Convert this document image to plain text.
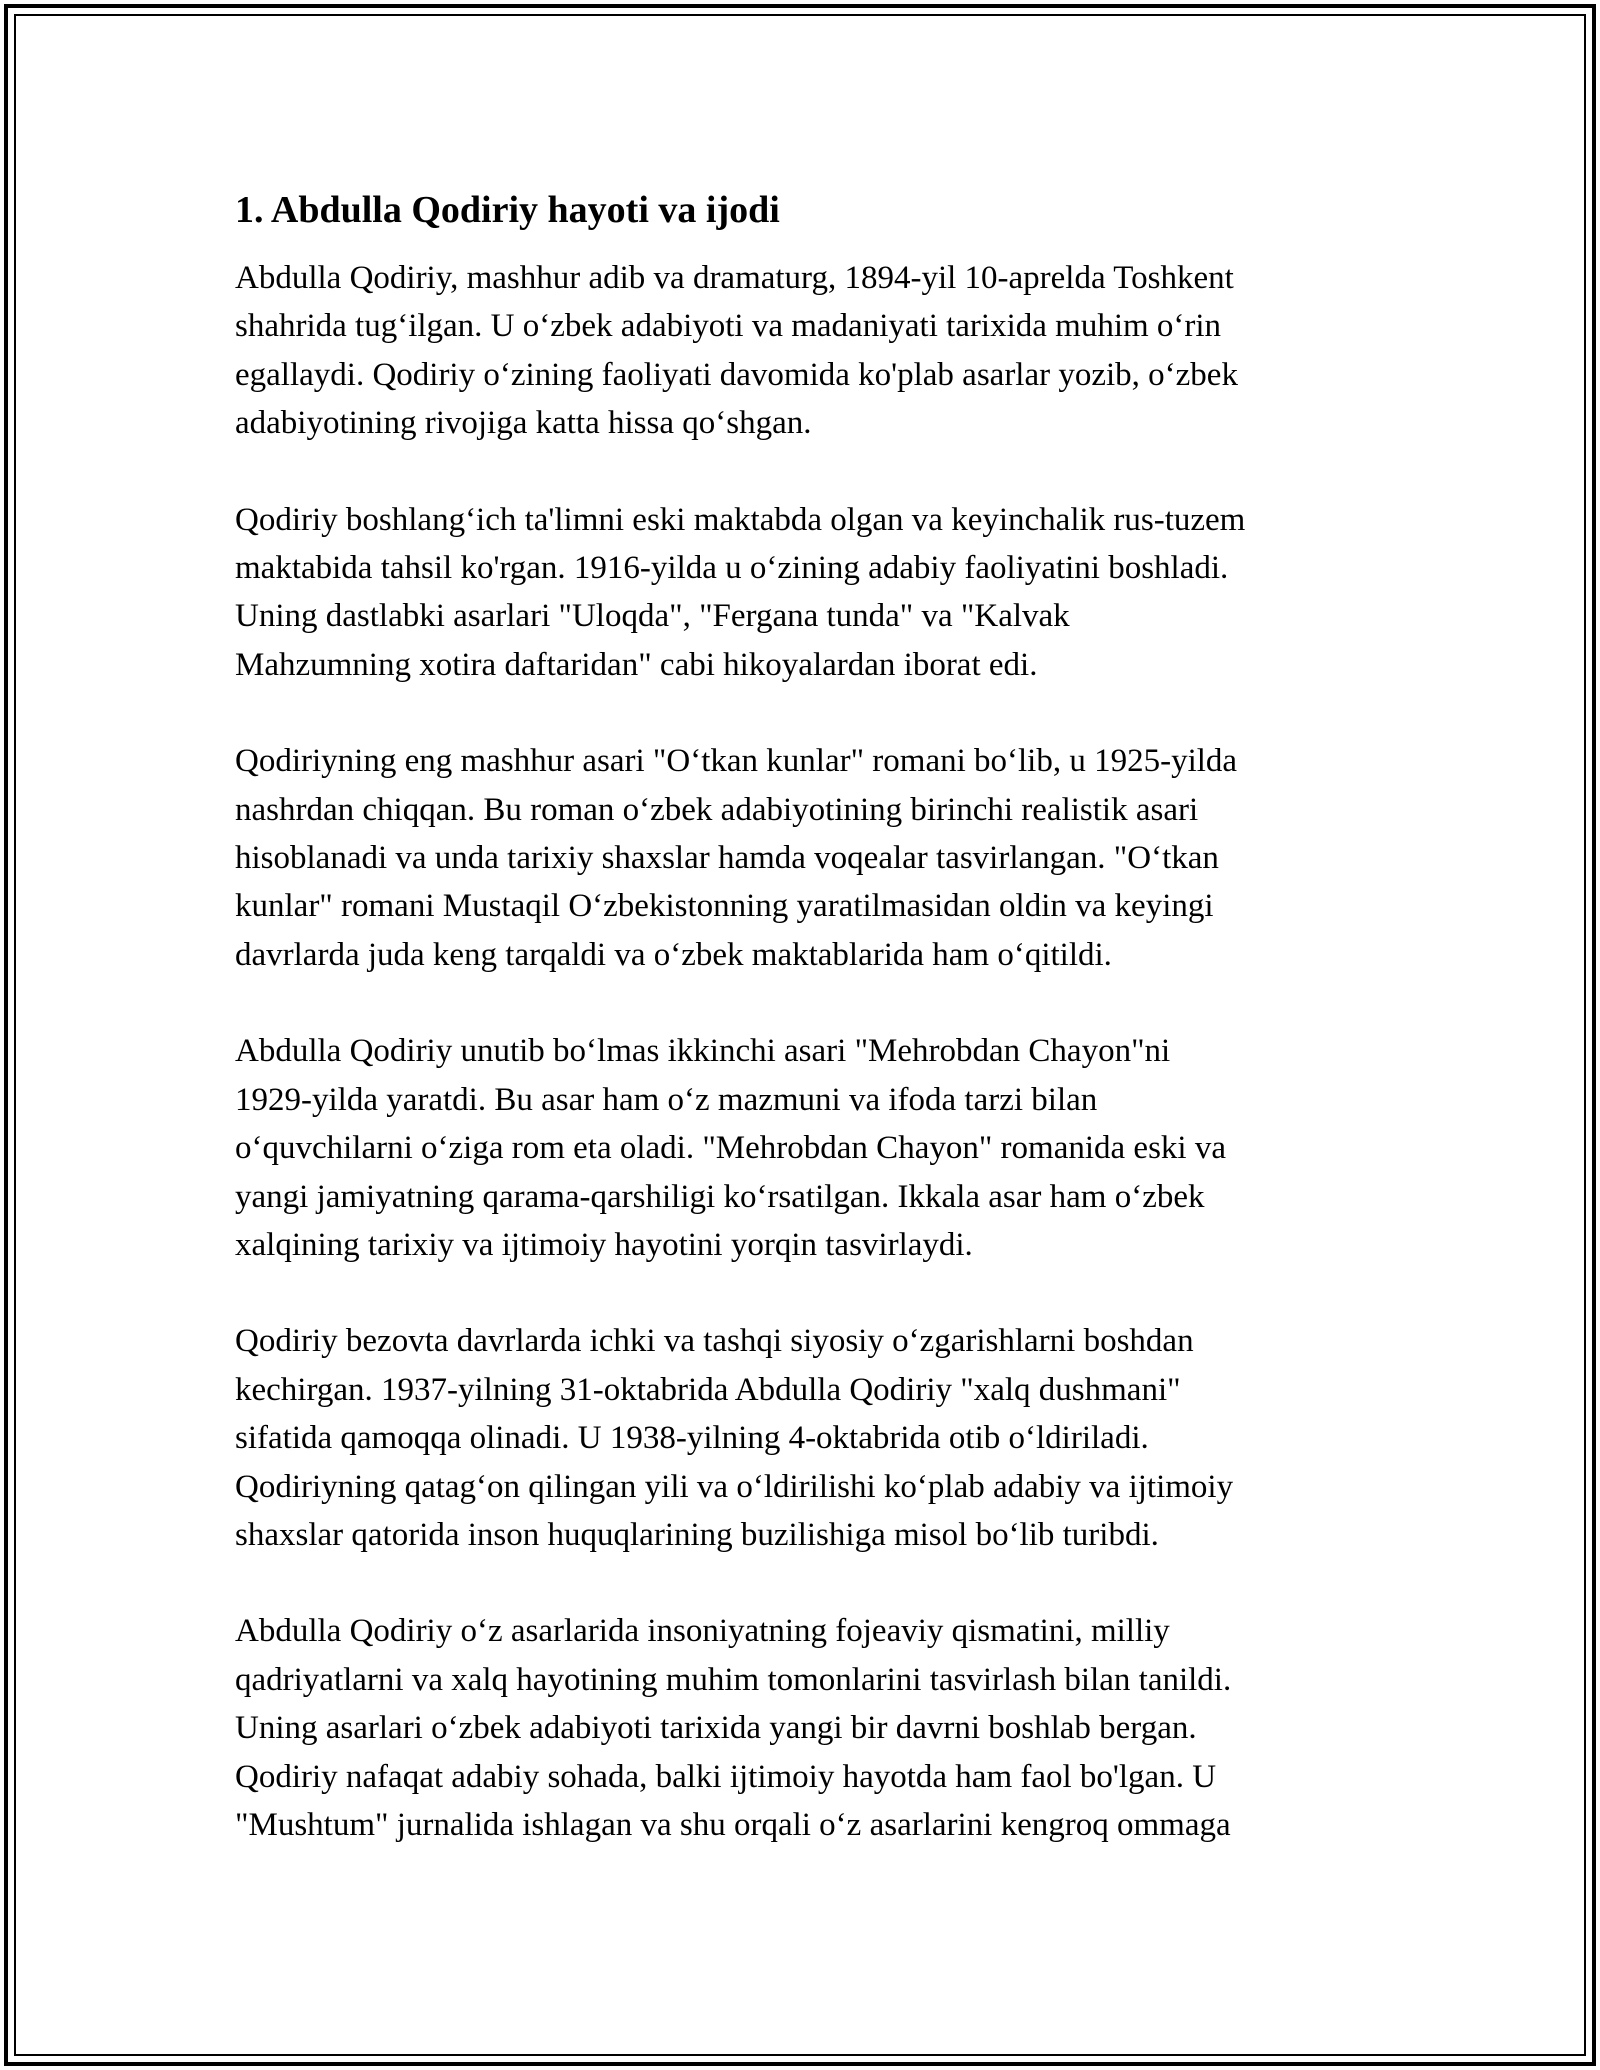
1. Abdulla Qodiriy hayoti va ijodi

Abdulla Qodiriy, mashhur adib va dramaturg, 1894-yil 10-aprelda Toshkent
shahrida tug‘ilgan. U o‘zbek adabiyoti va madaniyati tarixida muhim o‘rin
egallaydi. Qodiriy o‘zining faoliyati davomida ko'plab asarlar yozib, o‘zbek
adabiyotining rivojiga katta hissa qo‘shgan.

Qodiriy boshlang‘ich ta'limni eski maktabda olgan va keyinchalik rus-tuzem
maktabida tahsil ko'rgan. 1916-yilda u o‘zining adabiy faoliyatini boshladi.
Uning dastlabki asarlari "Uloqda", "Fergana tunda" va "Kalvak
Mahzumning xotira daftaridan" cabi hikoyalardan iborat edi.

Qodiriyning eng mashhur asari "O‘tkan kunlar" romani bo‘lib, u 1925-yilda
nashrdan chiqqan. Bu roman o‘zbek adabiyotining birinchi realistik asari
hisoblanadi va unda tarixiy shaxslar hamda voqealar tasvirlangan. "O‘tkan
kunlar" romani Mustaqil O‘zbekistonning yaratilmasidan oldin va keyingi
davrlarda juda keng tarqaldi va o‘zbek maktablarida ham o‘qitildi.

Abdulla Qodiriy unutib bo‘lmas ikkinchi asari "Mehrobdan Chayon"ni
1929-yilda yaratdi. Bu asar ham o‘z mazmuni va ifoda tarzi bilan
o‘quvchilarni o‘ziga rom eta oladi. "Mehrobdan Chayon" romanida eski va
yangi jamiyatning qarama-qarshiligi ko‘rsatilgan. Ikkala asar ham o‘zbek
xalqining tarixiy va ijtimoiy hayotini yorqin tasvirlaydi.

Qodiriy bezovta davrlarda ichki va tashqi siyosiy o‘zgarishlarni boshdan
kechirgan. 1937-yilning 31-oktabrida Abdulla Qodiriy "xalq dushmani"
sifatida qamoqqa olinadi. U 1938-yilning 4-oktabrida otib o‘ldiriladi.
Qodiriyning qatag‘on qilingan yili va o‘ldirilishi ko‘plab adabiy va ijtimoiy
shaxslar qatorida inson huquqlarining buzilishiga misol bo‘lib turibdi.

Abdulla Qodiriy o‘z asarlarida insoniyatning fojeaviy qismatini, milliy
qadriyatlarni va xalq hayotining muhim tomonlarini tasvirlash bilan tanildi.
Uning asarlari o‘zbek adabiyoti tarixida yangi bir davrni boshlab bergan.
Qodiriy nafaqat adabiy sohada, balki ijtimoiy hayotda ham faol bo'lgan. U
"Mushtum" jurnalida ishlagan va shu orqali o‘z asarlarini kengroq ommaga
